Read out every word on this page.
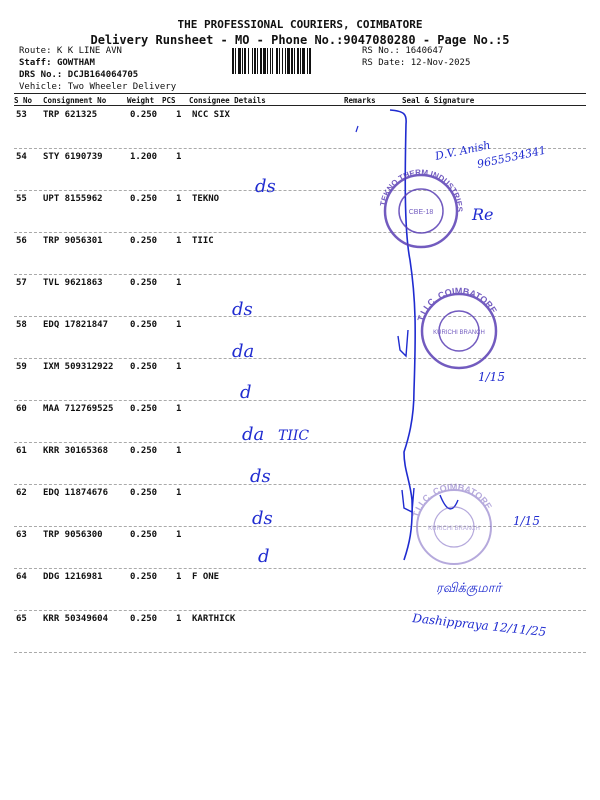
THE PROFESSIONAL COURIERS, COIMBATORE
Delivery Runsheet - MO - Phone No.:9047080280 - Page No.:5
Route: K K LINE AVN
Staff: GOWTHAM
DRS No.: DCJB164064705
Vehicle: Two Wheeler Delivery
RS No.: 1640647
RS Date: 12-Nov-2025
S No Consignment No	Weight PCS Consignee Details	Remarks	Seal & Signature
53 TRP 621325	0.250 1 NCC SIX
54 STY 6190739	1.200 1
55 UPT 8155962	0.250 1 TEKNO
56 TRP 9056301	0.250 1 TIIC
57 TVL 9621863	0.250 1
58 EDQ 17821847 0.250 1
59 IXM 509312922 0.250 1
60 MAA 712769525 0.250 1
61 KRR 30165368 0.250 1
62 EDQ 11874676 0.250 1
63 TRP 9056300	0.250 1
64 DDG 1216981	0.250 1 F ONE
65 KRR 50349604 0.250 1 KARTHICK
TEKNO THERM INDUSTRIES
CBE-18
T.I.I.C. COIMBATORE
KURICHI BRANCH
T.I.I.C. COIMBATORE
KURICHI BRANCH
D.V. Anish
9655534341
Re
ds
ds
da
d
da TIIC
ds
ds
d
1/15
1/15
ரவிக்குமார்
Dashippraya 12/11/25
